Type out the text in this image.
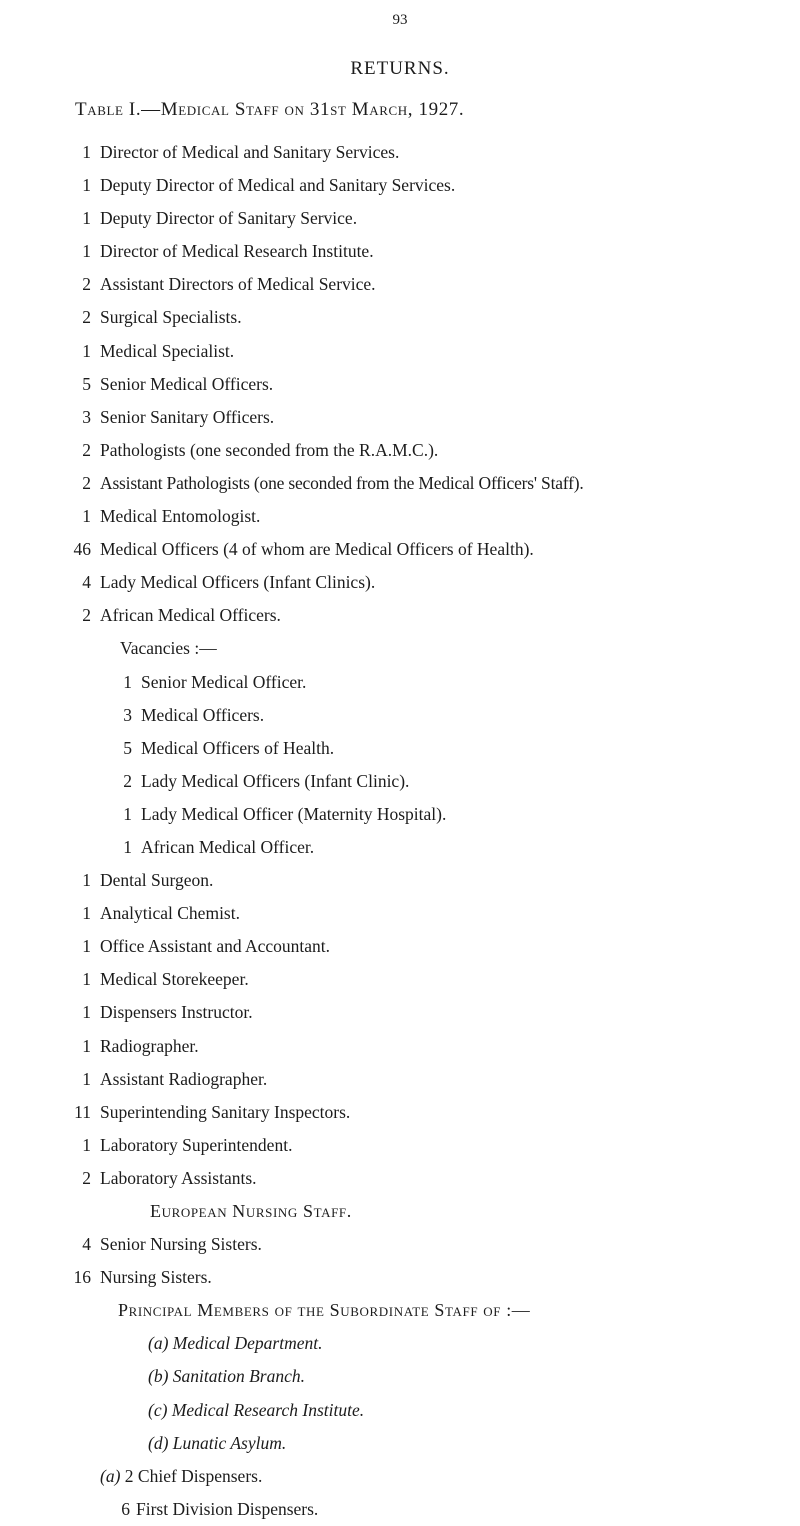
93
RETURNS.
Table I.—Medical Staff on 31st March, 1927.
1 Director of Medical and Sanitary Services.
1 Deputy Director of Medical and Sanitary Services.
1 Deputy Director of Sanitary Service.
1 Director of Medical Research Institute.
2 Assistant Directors of Medical Service.
2 Surgical Specialists.
1 Medical Specialist.
5 Senior Medical Officers.
3 Senior Sanitary Officers.
2 Pathologists (one seconded from the R.A.M.C.).
2 Assistant Pathologists (one seconded from the Medical Officers' Staff).
1 Medical Entomologist.
46 Medical Officers (4 of whom are Medical Officers of Health).
4 Lady Medical Officers (Infant Clinics).
2 African Medical Officers.
Vacancies :—
1 Senior Medical Officer.
3 Medical Officers.
5 Medical Officers of Health.
2 Lady Medical Officers (Infant Clinic).
1 Lady Medical Officer (Maternity Hospital).
1 African Medical Officer.
1 Dental Surgeon.
1 Analytical Chemist.
1 Office Assistant and Accountant.
1 Medical Storekeeper.
1 Dispensers Instructor.
1 Radiographer.
1 Assistant Radiographer.
11 Superintending Sanitary Inspectors.
1 Laboratory Superintendent.
2 Laboratory Assistants.
European Nursing Staff.
4 Senior Nursing Sisters.
16 Nursing Sisters.
Principal Members of the Subordinate Staff of :—
(a) Medical Department.
(b) Sanitation Branch.
(c) Medical Research Institute.
(d) Lunatic Asylum.
(a) 2 Chief Dispensers.
6 First Division Dispensers.
